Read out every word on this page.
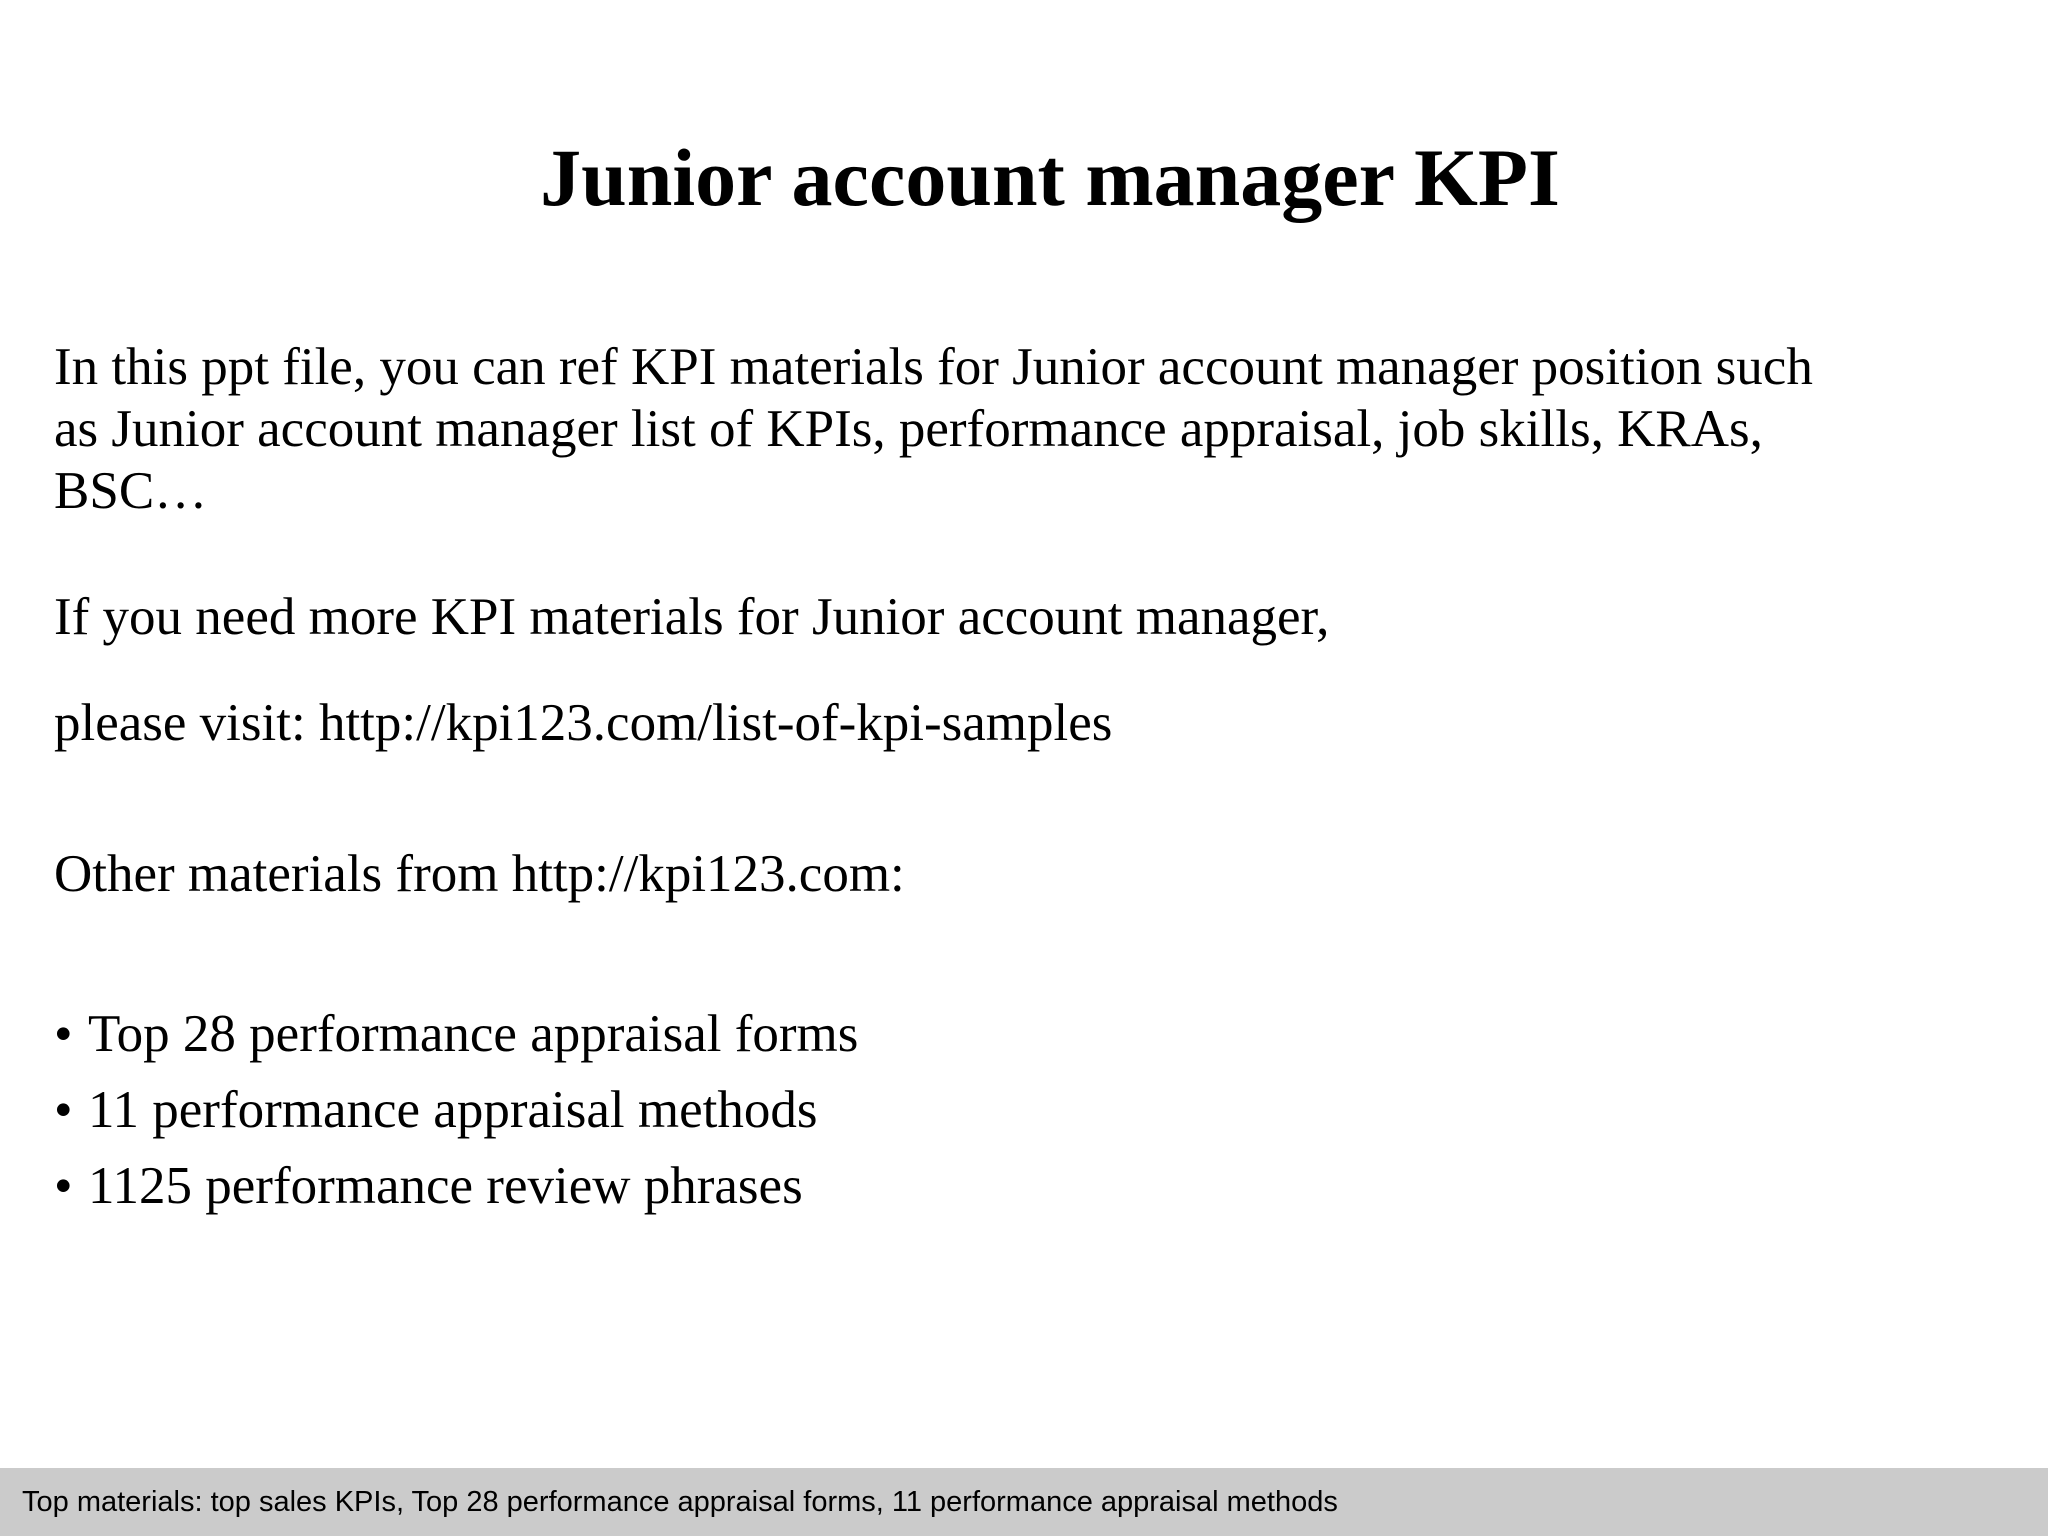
Junior account manager KPI
In this ppt file, you can ref KPI materials for Junior account manager position such
as Junior account manager list of KPIs, performance appraisal, job skills, KRAs,
BSC…
If you need more KPI materials for Junior account manager,
please visit: http://kpi123.com/list-of-kpi-samples
Other materials from http://kpi123.com:
• Top 28 performance appraisal forms
• 11 performance appraisal methods
• 1125 performance review phrases
Top materials: top sales KPIs, Top 28 performance appraisal forms, 11 performance appraisal methods
